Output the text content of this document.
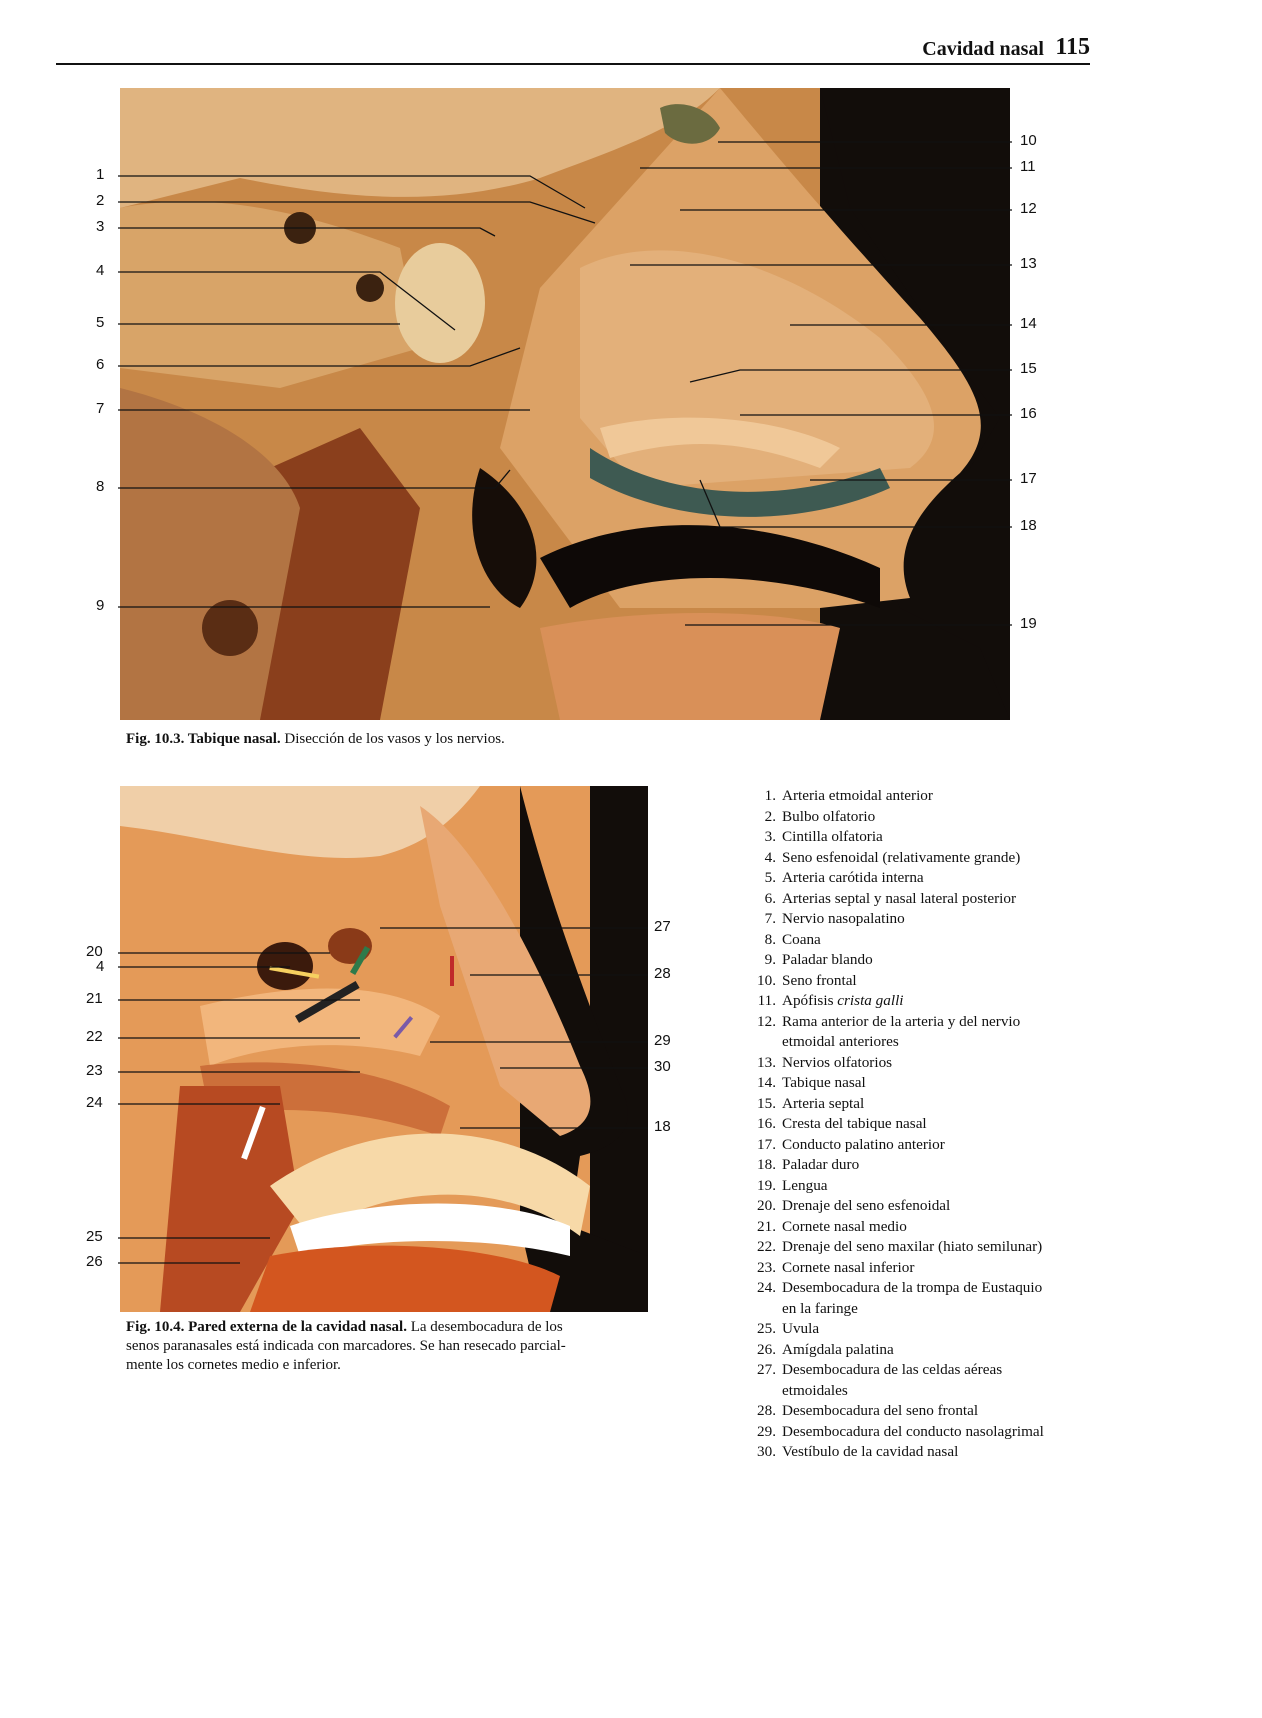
Cavidad nasal 115
1
2
3
4
5
6
7
8
9
10
11
12
13
14
15
16
17
18
19
Fig. 10.3. Tabique nasal. Disección de los vasos y los nervios.
20
4
21
22
23
24
25
26
27
28
29
30
18
Fig. 10.4. Pared externa de la cavidad nasal. La desembocadura de los
senos paranasales está indicada con marcadores. Se han resecado parcial-
mente los cornetes medio e inferior.
1. Arteria etmoidal anterior
2. Bulbo olfatorio
3. Cintilla olfatoria
4. Seno esfenoidal (relativamente grande)
5. Arteria carótida interna
6. Arterias septal y nasal lateral posterior
7. Nervio nasopalatino
8. Coana
9. Paladar blando
10. Seno frontal
11. Apófisis crista galli
12. Rama anterior de la arteria y del nervio
etmoidal anteriores
13. Nervios olfatorios
14. Tabique nasal
15. Arteria septal
16. Cresta del tabique nasal
17. Conducto palatino anterior
18. Paladar duro
19. Lengua
20. Drenaje del seno esfenoidal
21. Cornete nasal medio
22. Drenaje del seno maxilar (hiato semilunar)
23. Cornete nasal inferior
24. Desembocadura de la trompa de Eustaquio
en la faringe
25. Uvula
26. Amígdala palatina
27. Desembocadura de las celdas aéreas
etmoidales
28. Desembocadura del seno frontal
29. Desembocadura del conducto nasolagrimal
30. Vestíbulo de la cavidad nasal
